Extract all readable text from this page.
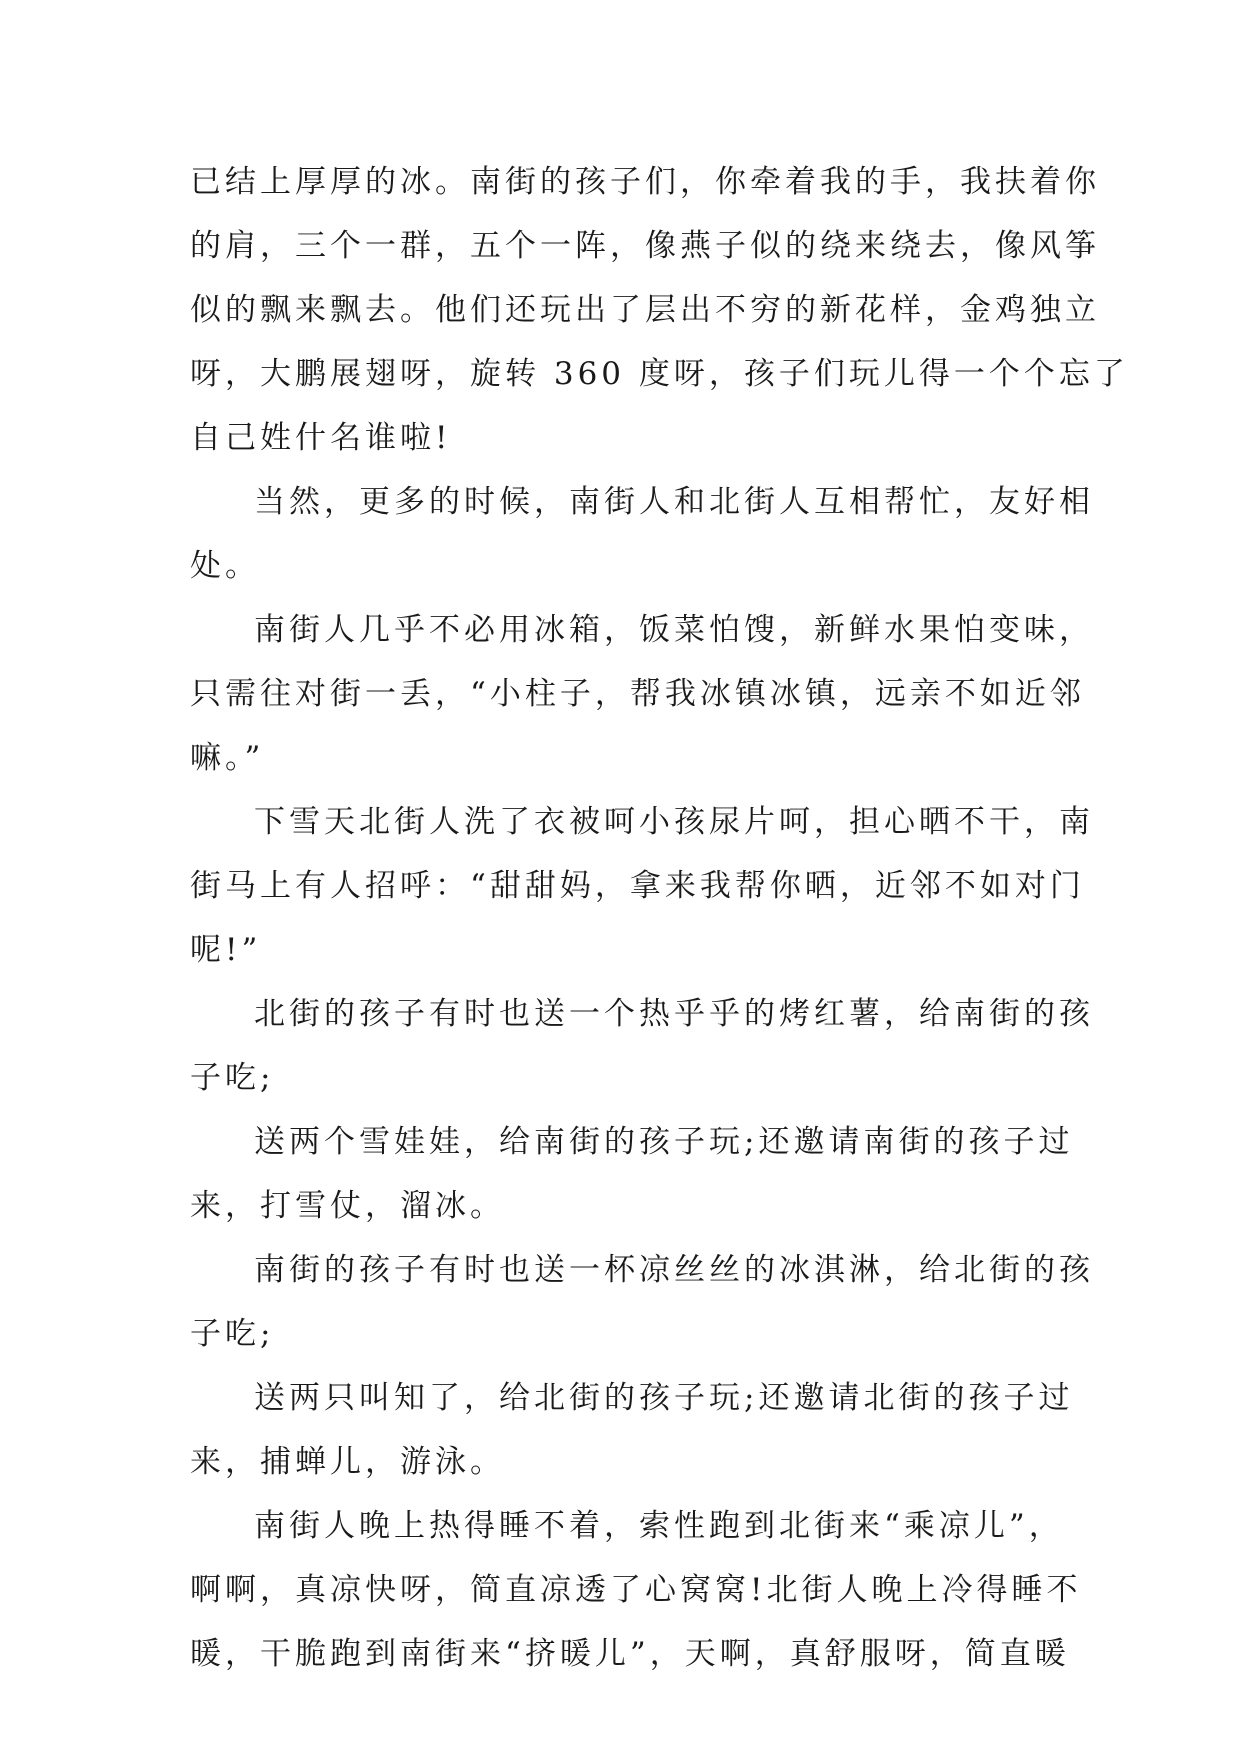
已结上厚厚的冰。南街的孩子们，你牵着我的手，我扶着你
的肩，三个一群，五个一阵，像燕子似的绕来绕去，像风筝
似的飘来飘去。他们还玩出了层出不穷的新花样，金鸡独立
呀，大鹏展翅呀，旋转 360 度呀，孩子们玩儿得一个个忘了
自己姓什名谁啦!
当然，更多的时候，南街人和北街人互相帮忙，友好相
处。
南街人几乎不必用冰箱，饭菜怕馊，新鲜水果怕变味，
只需往对街一丢，“小柱子，帮我冰镇冰镇，远亲不如近邻
嘛。”
下雪天北街人洗了衣被呵小孩尿片呵，担心晒不干，南
街马上有人招呼：“甜甜妈，拿来我帮你晒，近邻不如对门
呢!”
北街的孩子有时也送一个热乎乎的烤红薯，给南街的孩
子吃;
送两个雪娃娃，给南街的孩子玩;还邀请南街的孩子过
来，打雪仗，溜冰。
南街的孩子有时也送一杯凉丝丝的冰淇淋，给北街的孩
子吃;
送两只叫知了，给北街的孩子玩;还邀请北街的孩子过
来，捕蝉儿，游泳。
南街人晚上热得睡不着，索性跑到北街来“乘凉儿”，
啊啊，真凉快呀，简直凉透了心窝窝!北街人晚上冷得睡不
暖，干脆跑到南街来“挤暖儿”，天啊，真舒服呀，简直暖
